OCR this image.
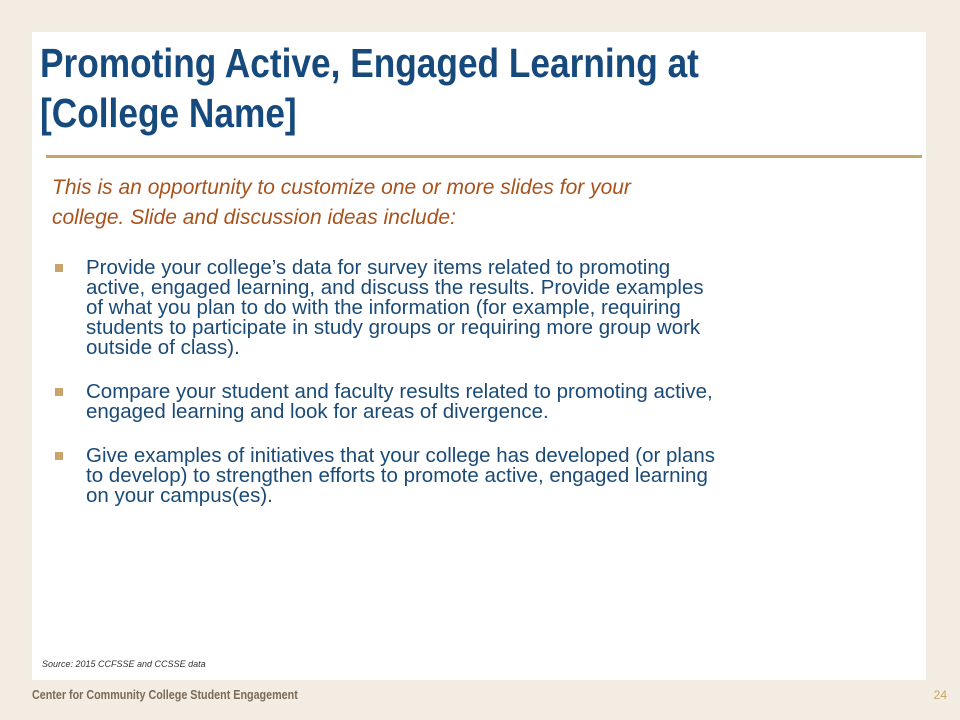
Promoting Active, Engaged Learning at
[College Name]

This is an opportunity to customize one or more slides for your
college. Slide and discussion ideas include:

Provide your college’s data for survey items related to promoting
active, engaged learning, and discuss the results. Provide examples
of what you plan to do with the information (for example, requiring
students to participate in study groups or requiring more group work
outside of class).
Compare your student and faculty results related to promoting active,
engaged learning and look for areas of divergence.
Give examples of initiatives that your college has developed (or plans
to develop) to strengthen efforts to promote active, engaged learning
on your campus(es).

Source: 2015 CCFSSE and CCSSE data

Center for Community College Student Engagement	24
